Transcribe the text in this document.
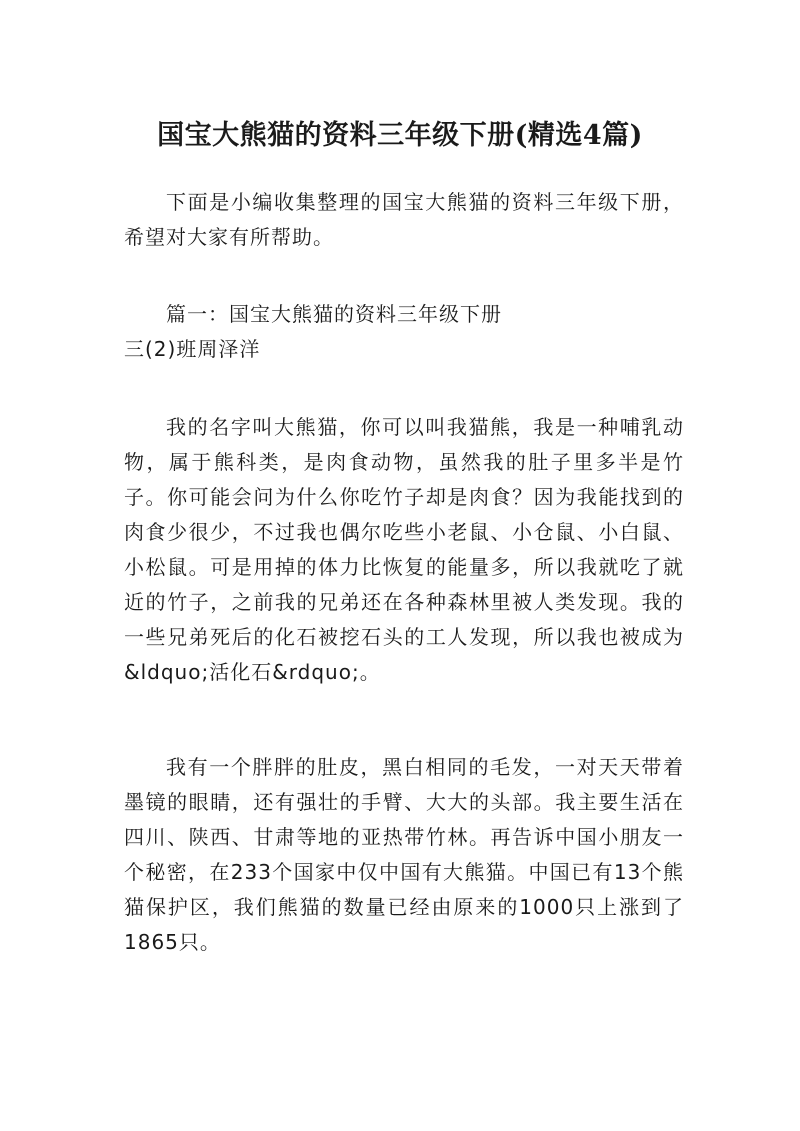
国宝大熊猫的资料三年级下册(精选4篇)

下面是小编收集整理的国宝大熊猫的资料三年级下册，希望对大家有所帮助。

篇一：国宝大熊猫的资料三年级下册

三(2)班周泽洋

我的名字叫大熊猫，你可以叫我猫熊，我是一种哺乳动物，属于熊科类，是肉食动物，虽然我的肚子里多半是竹子。你可能会问为什么你吃竹子却是肉食？因为我能找到的肉食少很少，不过我也偶尔吃些小老鼠、小仓鼠、小白鼠、小松鼠。可是用掉的体力比恢复的能量多，所以我就吃了就近的竹子，之前我的兄弟还在各种森林里被人类发现。我的一些兄弟死后的化石被挖石头的工人发现，所以我也被成为&ldquo;活化石&rdquo;。

我有一个胖胖的肚皮，黑白相同的毛发，一对天天带着墨镜的眼睛，还有强壮的手臂、大大的头部。我主要生活在四川、陕西、甘肃等地的亚热带竹林。再告诉中国小朋友一个秘密，在233个国家中仅中国有大熊猫。中国已有13个熊猫保护区，我们熊猫的数量已经由原来的1000只上涨到了1865只。
